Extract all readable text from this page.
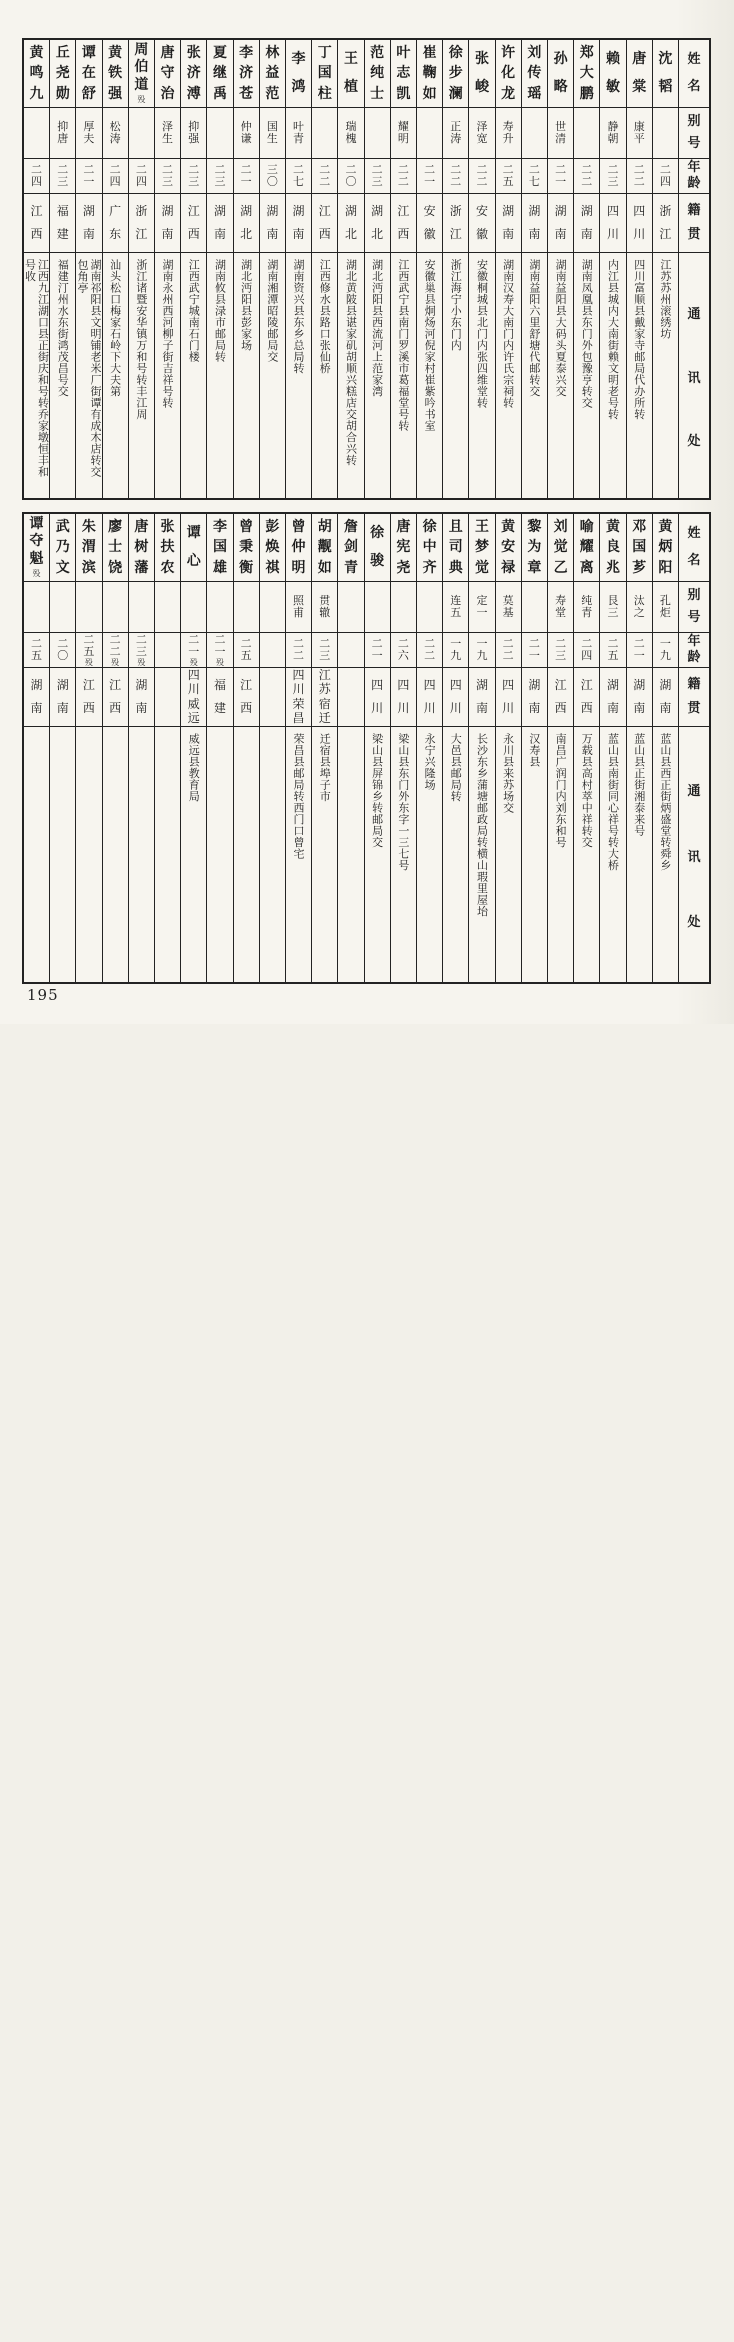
姓
名
别
号
年
龄
籍
贯
通
讯
处
沈
韬
二
四
浙
江
江苏苏州滚绣坊
唐
棠
康
平
二
二
四
川
四川富顺县戴家寺邮局代办所转
赖
敏
静
朝
二
三
四
川
内江县城内大南街赖文明老号转
郑
大
鹏
二
二
湖
南
湖南凤凰县东门外包豫亨转交
孙
略
世
清
二
一
湖
南
湖南益阳县大码头夏泰兴交
刘
传
瑶
二
七
湖
南
湖南益阳六里舒塘代邮转交
许
化
龙
寿
升
二
五
湖
南
湖南汉寿大南门内许氏宗祠转
张
峻
泽
宽
二
二
安
徽
安徽桐城县北门内张四维堂转
徐
步
澜
正
涛
二
二
浙
江
浙江海宁小东门内
崔
鞠
如
二
一
安
徽
安徽巢县炯炀河倪家村崔紫吟书室
叶
志
凯
耀
明
二
二
江
西
江西武宁县南门罗溪市葛福堂号转
范
纯
士
二
三
湖
北
湖北沔阳县西流河上范家湾
王
植
瑞
槐
二
〇
湖
北
湖北黄陂县谌家矶胡顺兴糕店交胡合兴转
丁
国
柱
二
二
江
西
江西修水县路口张仙桥
李
鸿
叶
青
二
七
湖
南
湖南资兴县东乡总局转
林
益
范
国
生
三
〇
湖
南
湖南湘潭昭陵邮局交
李
济
苍
仲
谦
二
一
湖
北
湖北沔阳县彭家场
夏
继
禹
二
三
湖
南
湖南攸县渌市邮局转
张
济
溥
抑
强
二
三
江
西
江西武宁城南石门楼
唐
守
治
泽
生
二
三
湖
南
湖南永州西河柳子街吉祥号转
周
伯
道
殁
二
四
浙
江
浙江诸暨安华镇万和号转丰江周
黄
铁
强
松
涛
二
四
广
东
汕头松口梅家石岭下大夫第
谭
在
舒
厚
夫
二
一
湖
南
湖南祁阳县文明铺老米厂街谭有成木店转交包角亭
丘
尧
勋
抑
唐
二
三
福
建
福建汀州水东街鸿茂昌号交
黄
鸣
九
二
四
江
西
江西九江湖口县正街庆和号转乔家墩恒丰和号收
姓
名
别
号
年
龄
籍
贯
通
讯
处
黄
炳
阳
孔
炬
一
九
湖
南
蓝山县西正街炳盛堂转舜乡
邓
国
芗
汰
之
二
一
湖
南
蓝山县正街湘泰来号
黄
良
兆
艮
三
二
五
湖
南
蓝山县南街同心祥号转大桥
喻
耀
离
纯
青
二
四
江
西
万载县高村萃中祥转交
刘
觉
乙
寿
堂
二
三
江
西
南昌广润门内刘东和号
黎
为
章
二
一
湖
南
汉寿县
黄
安
禄
莫
基
二
二
四
川
永川县来苏场交
王
梦
觉
定
一
一
九
湖
南
长沙东乡蒲塘邮政局转横山瑕里屋坮
且
司
典
连
五
一
九
四
川
大邑县邮局转
徐
中
齐
二
二
四
川
永宁兴隆场
唐
宪
尧
二
六
四
川
梁山县东门外东字一三七号
徐
骏
二
一
四
川
梁山县屏锦乡转邮局交
詹
剑
青
胡
觏
如
贯
辙
二
三
江
苏
宿
迁
迁宿县埠子市
曾
仲
明
照
甫
二
二
四
川
荣
昌
荣昌县邮局转西门口曾宅
彭
焕
祺
曾
秉
衡
二
五
江
西
李
国
雄
二
一
殁
福
建
谭
心
二
一
殁
四
川
威
远
威远县教育局
张
扶
农
唐
树
藩
二
三
殁
湖
南
廖
士
饶
二
二
殁
江
西
朱
渭
滨
二
五
殁
江
西
武
乃
文
二
〇
湖
南
谭
夺
魁
殁
二
五
湖
南
195
